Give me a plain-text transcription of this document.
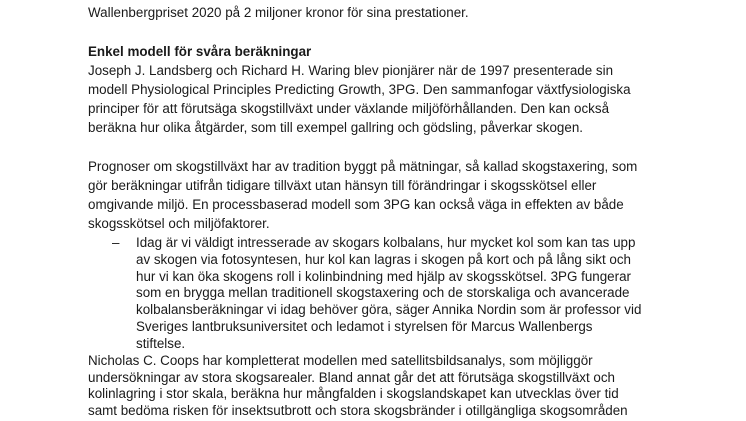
Wallenbergpriset 2020 på 2 miljoner kronor för sina prestationer.
Enkel modell för svåra beräkningar
Joseph J. Landsberg och Richard H. Waring blev pionjärer när de 1997 presenterade sin
modell Physiological Principles Predicting Growth, 3PG. Den sammanfogar växtfysiologiska
principer för att förutsäga skogstillväxt under växlande miljöförhållanden. Den kan också
beräkna hur olika åtgärder, som till exempel gallring och gödsling, påverkar skogen.
Prognoser om skogstillväxt har av tradition byggt på mätningar, så kallad skogstaxering, som
gör beräkningar utifrån tidigare tillväxt utan hänsyn till förändringar i skogsskötsel eller
omgivande miljö. En processbaserad modell som 3PG kan också väga in effekten av både
skogsskötsel och miljöfaktorer.
– Idag är vi väldigt intresserade av skogars kolbalans, hur mycket kol som kan tas upp
av skogen via fotosyntesen, hur kol kan lagras i skogen på kort och på lång sikt och
hur vi kan öka skogens roll i kolinbindning med hjälp av skogsskötsel. 3PG fungerar
som en brygga mellan traditionell skogstaxering och de storskaliga och avancerade
kolbalansberäkningar vi idag behöver göra, säger Annika Nordin som är professor vid
Sveriges lantbruksuniversitet och ledamot i styrelsen för Marcus Wallenbergs
stiftelse.
Nicholas C. Coops har kompletterat modellen med satellitsbildsanalys, som möjliggör
undersökningar av stora skogsarealer. Bland annat går det att förutsäga skogstillväxt och
kolinlagring i stor skala, beräkna hur mångfalden i skogslandskapet kan utvecklas över tid
samt bedöma risken för insektsutbrott och stora skogsbränder i otillgängliga skogsområden
